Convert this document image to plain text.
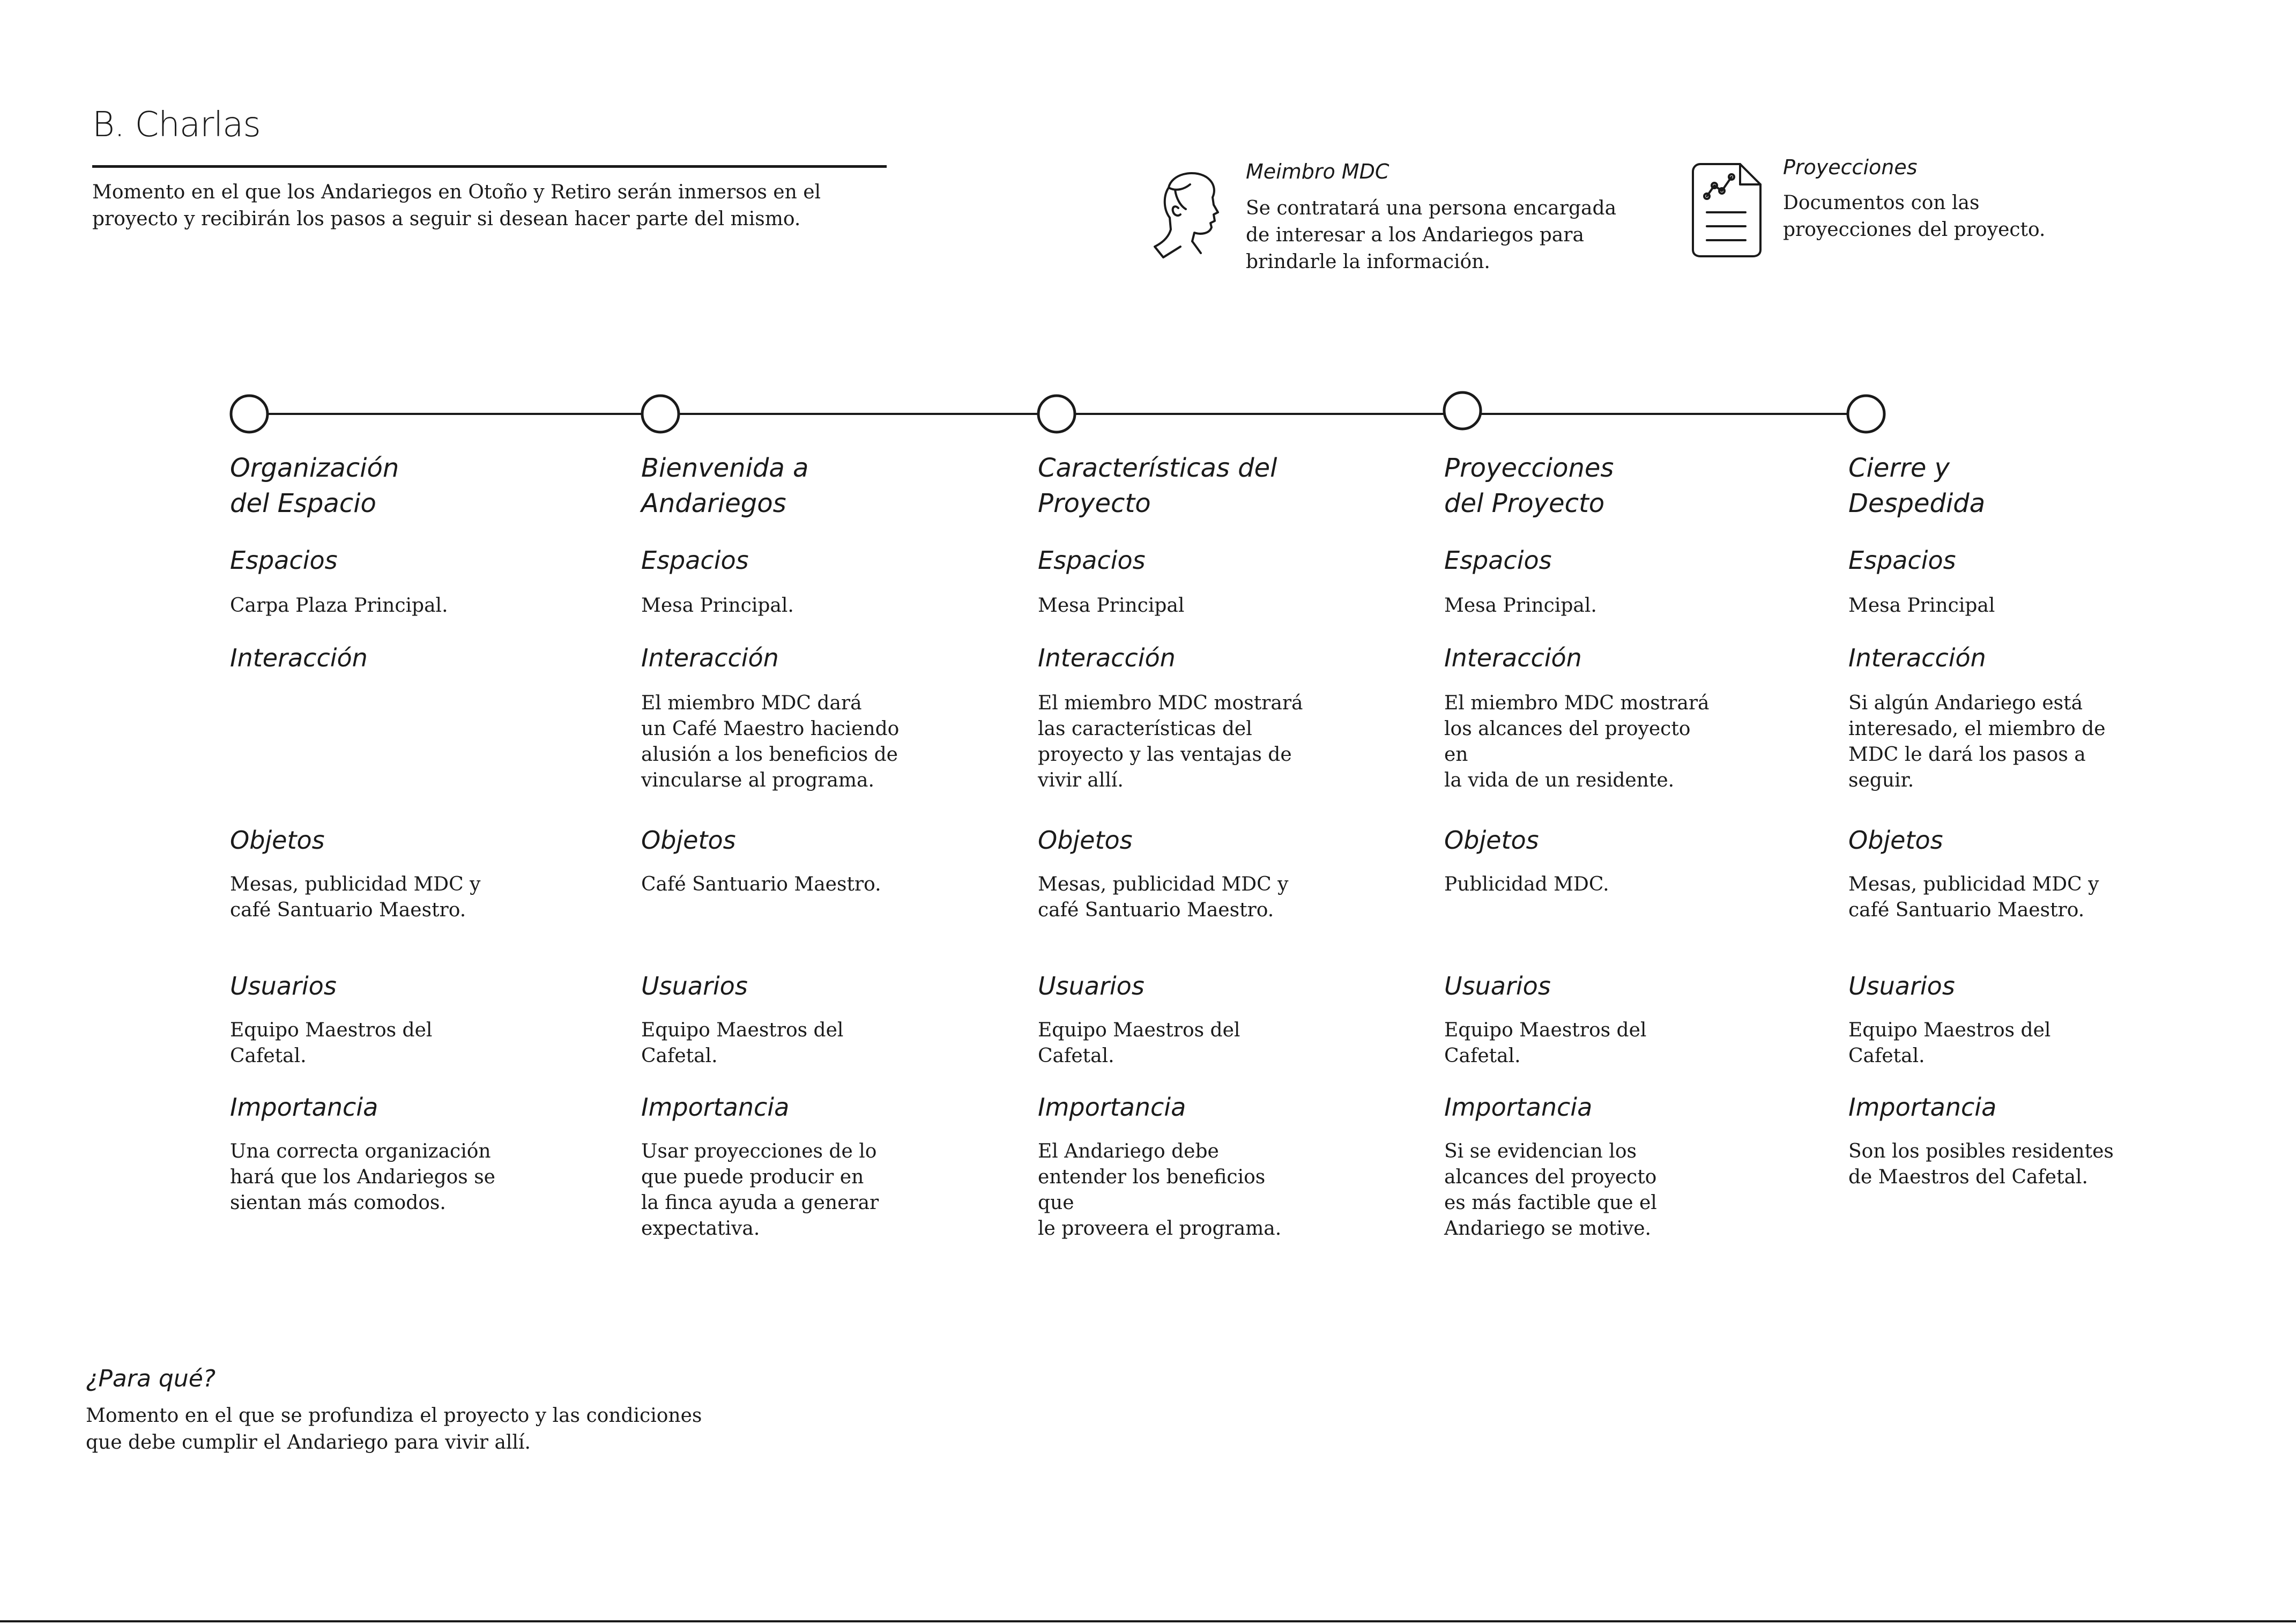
B. Charlas
Momento en el que los Andariegos en Otoño y Retiro serán inmersos en el proyecto y recibirán los pasos a seguir si desean hacer parte del mismo.
Meimbro MDC
Se contratará una persona encargada de interesar a los Andariegos para brindarle la información.
Proyecciones
Documentos con las proyecciones del proyecto.
Organización
del Espacio
Espacios
Carpa Plaza Principal.
Interacción
Objetos
Mesas, publicidad MDC y
café Santuario Maestro.
Usuarios
Equipo Maestros del
Cafetal.
Importancia
Una correcta organización
hará que los Andariegos se
sientan más comodos.
Bienvenida a
Andariegos
Espacios
Mesa Principal.
Interacción
El miembro MDC dará
un Café Maestro haciendo
alusión a los beneficios de
vincularse al programa.
Objetos
Café Santuario Maestro.
Usuarios
Equipo Maestros del
Cafetal.
Importancia
Usar proyecciones de lo
que puede producir en
la finca ayuda a generar
expectativa.
Características del
Proyecto
Espacios
Mesa Principal
Interacción
El miembro MDC mostrará
las características del
proyecto y las ventajas de
vivir allí.
Objetos
Mesas, publicidad MDC y
café Santuario Maestro.
Usuarios
Equipo Maestros del
Cafetal.
Importancia
El Andariego debe
entender los beneficios que
le proveera el programa.
Proyecciones
del Proyecto
Espacios
Mesa Principal.
Interacción
El miembro MDC mostrará
los alcances del proyecto en
la vida de un residente.
Objetos
Publicidad MDC.
Usuarios
Equipo Maestros del
Cafetal.
Importancia
Si se evidencian los
alcances del proyecto
es más factible que el
Andariego se motive.
Cierre y
Despedida
Espacios
Mesa Principal
Interacción
Si algún Andariego está
interesado, el miembro de
MDC le dará los pasos a
seguir.
Objetos
Mesas, publicidad MDC y
café Santuario Maestro.
Usuarios
Equipo Maestros del
Cafetal.
Importancia
Son los posibles residentes
de Maestros del Cafetal.
¿Para qué?
Momento en el que se profundiza el proyecto y las condiciones
que debe cumplir el Andariego para vivir allí.
